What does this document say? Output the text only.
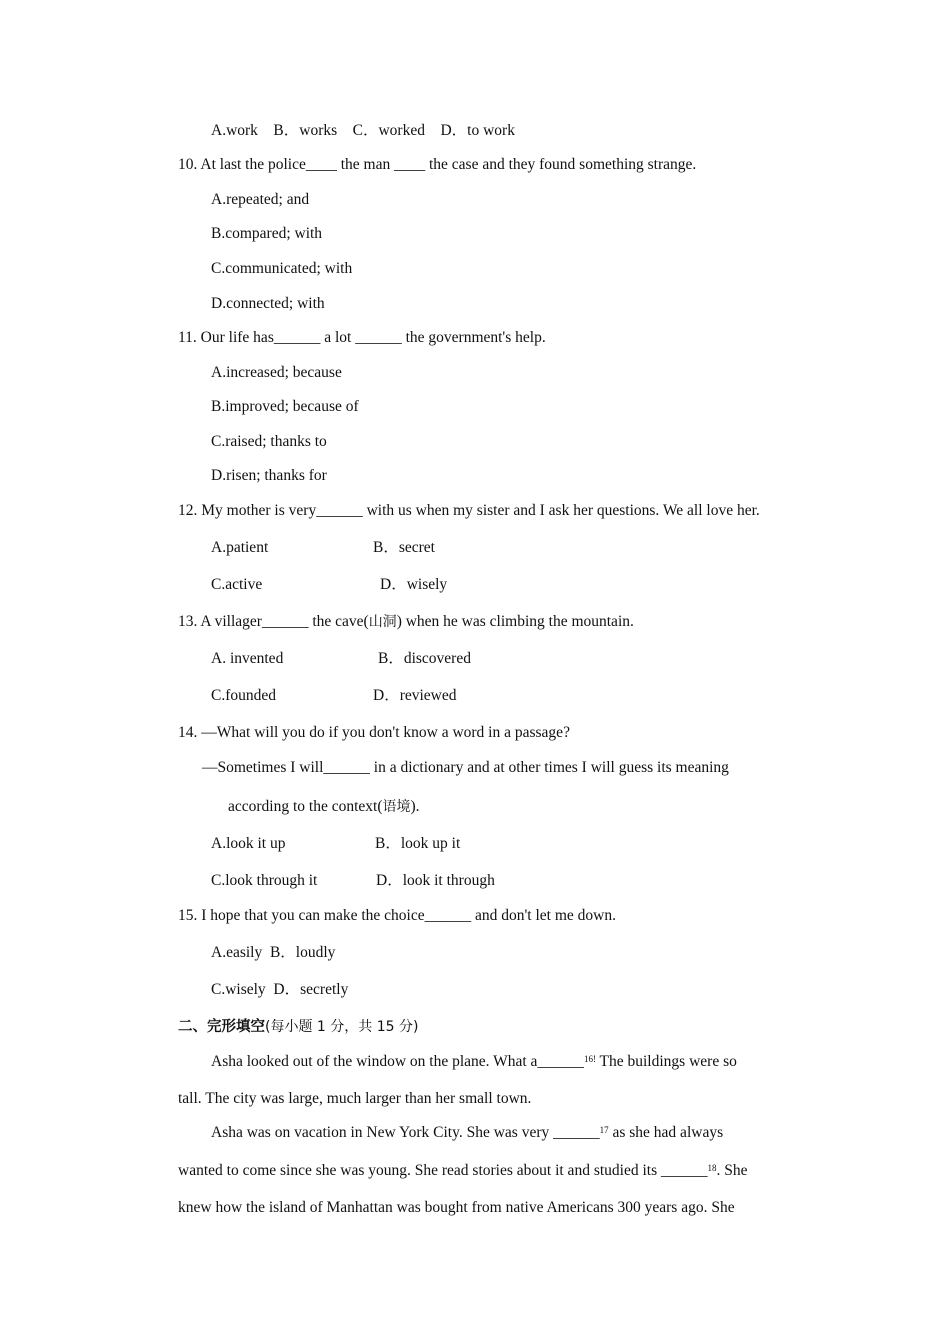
A.work    B．works    C．worked    D．to work
10. At last the police____ the man ____ the case and they found something strange.
A.repeated; and
B.compared; with
C.communicated; with
D.connected; with
11. Our life has______ a lot ______ the government's help.
A.increased; because
B.improved; because of
C.raised; thanks to
D.risen; thanks for
12. My mother is very______ with us when my sister and I ask her questions. We all love her.
A.patient	B．secret
C.active	D．wisely
13. A villager______ the cave(山洞) when he was climbing the mountain.
A. invented	B．discovered
C.founded	D．reviewed
14. —What will you do if you don't know a word in a passage?
—Sometimes I will______ in a dictionary and at other times I will guess its meaning
according to the context(语境).
A.look it up	B．look up it
C.look through it	D．look it through
15. I hope that you can make the choice______ and don't let me down.
A.easily  B．loudly
C.wisely  D．secretly
二、完形填空(每小题 1 分，共 15 分)
Asha looked out of the window on the plane. What a______$^{16!}$ The buildings were so
tall. The city was large, much larger than her small town.
Asha was on vacation in New York City. She was very ______$^{17}$ as she had always
wanted to come since she was young. She read stories about it and studied its ______$^{18}$. She
knew how the island of Manhattan was bought from native Americans 300 years ago. She
